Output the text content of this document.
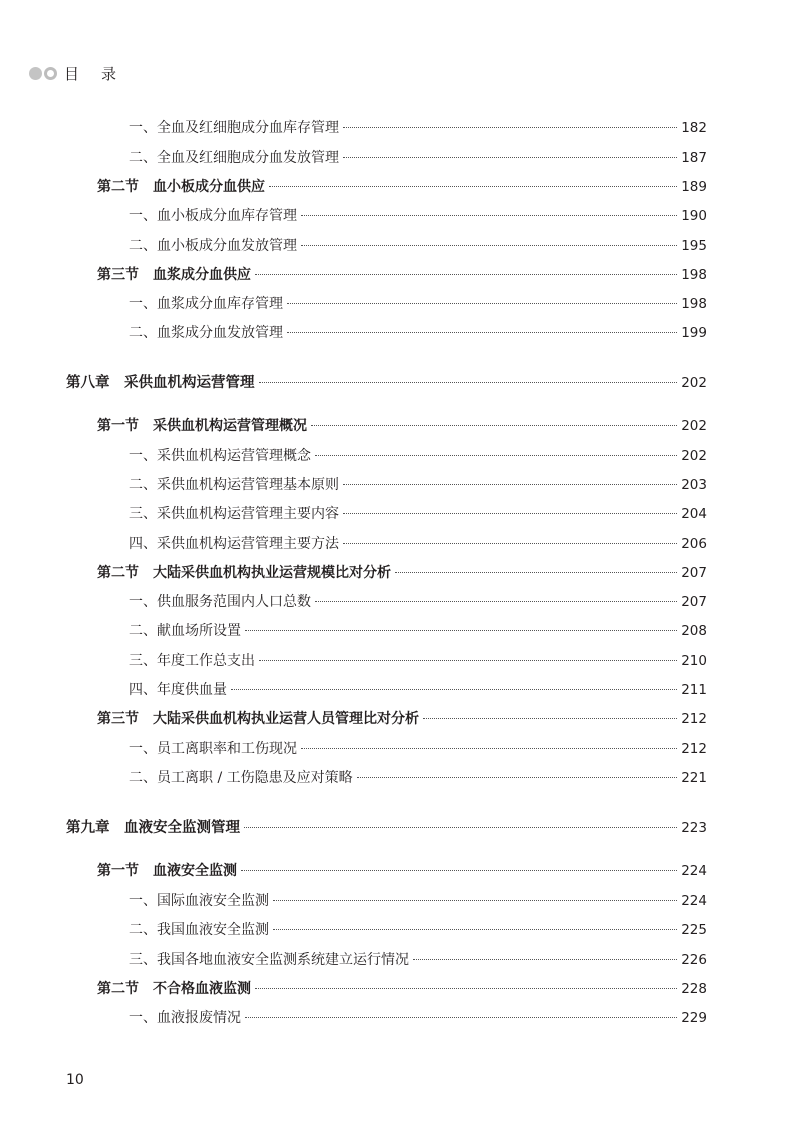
目录
一、全血及红细胞成分血库存管理	182
二、全血及红细胞成分血发放管理	187
第二节　血小板成分血供应	189
一、血小板成分血库存管理	190
二、血小板成分血发放管理	195
第三节　血浆成分血供应	198
一、血浆成分血库存管理	198
二、血浆成分血发放管理	199
第八章　采供血机构运营管理	202
第一节　采供血机构运营管理概况	202
一、采供血机构运营管理概念	202
二、采供血机构运营管理基本原则	203
三、采供血机构运营管理主要内容	204
四、采供血机构运营管理主要方法	206
第二节　大陆采供血机构执业运营规模比对分析	207
一、供血服务范围内人口总数	207
二、献血场所设置	208
三、年度工作总支出	210
四、年度供血量	211
第三节　大陆采供血机构执业运营人员管理比对分析	212
一、员工离职率和工伤现况	212
二、员工离职 / 工伤隐患及应对策略	221
第九章　血液安全监测管理	223
第一节　血液安全监测	224
一、国际血液安全监测	224
二、我国血液安全监测	225
三、我国各地血液安全监测系统建立运行情况	226
第二节　不合格血液监测	228
一、血液报废情况	229
10
